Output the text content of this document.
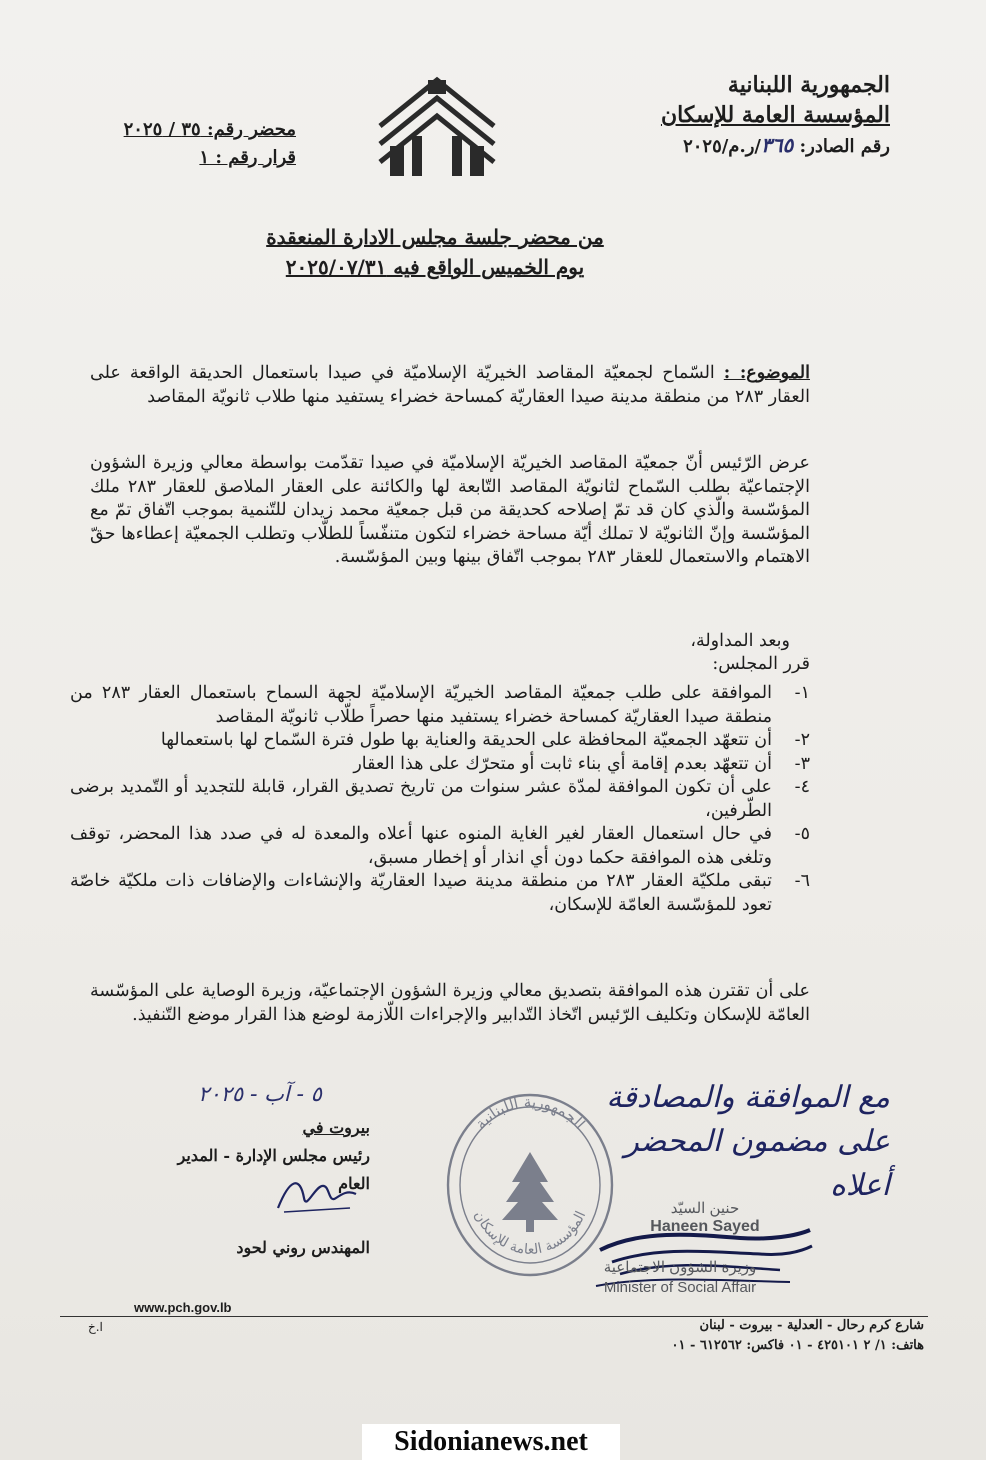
الجمهورية اللبنانية
المؤسسة العامة للإسكان
رقم الصادر: ٣٦٥/ر.م/٢٠٢٥
محضر رقم: ٣٥ / ٢٠٢٥
قرار رقم : ١
من محضر جلسة مجلس الادارة المنعقدة
يوم الخميس الواقع فيه ٢٠٢٥/٠٧/٣١
الموضوع: : السّماح لجمعيّة المقاصد الخيريّة الإسلاميّة في صيدا باستعمال الحديقة الواقعة على العقار ٢٨٣ من منطقة مدينة صيدا العقاريّة كمساحة خضراء يستفيد منها طلاب ثانويّة المقاصد
عرض الرّئيس أنّ جمعيّة المقاصد الخيريّة الإسلاميّة في صيدا تقدّمت بواسطة معالي وزيرة الشؤون الإجتماعيّة بطلب السّماح لثانويّة المقاصد التّابعة لها والكائنة على العقار الملاصق للعقار ٢٨٣ ملك المؤسّسة والّذي كان قد تمّ إصلاحه كحديقة من قبل جمعيّة محمد زيدان للتّنمية بموجب اتّفاق تمّ مع المؤسّسة وإنّ الثانويّة لا تملك أيّة مساحة خضراء لتكون متنفّساً للطلّاب وتطلب الجمعيّة إعطاءها حقّ الاهتمام والاستعمال للعقار ٢٨٣ بموجب اتّفاق بينها وبين المؤسّسة.
وبعد المداولة،
قرر المجلس:
١-
الموافقة على طلب جمعيّة المقاصد الخيريّة الإسلاميّة لجهة السماح باستعمال العقار ٢٨٣ من منطقة صيدا العقاريّة كمساحة خضراء يستفيد منها حصراً طلّاب ثانويّة المقاصد
٢-
أن تتعهّد الجمعيّة المحافظة على الحديقة والعناية بها طول فترة السّماح لها باستعمالها
٣-
أن تتعهّد بعدم إقامة أي بناء ثابت أو متحرّك على هذا العقار
٤-
على أن تكون الموافقة لمدّة عشر سنوات من تاريخ تصديق القرار، قابلة للتجديد أو التّمديد برضى الطّرفين،
٥-
في حال استعمال العقار لغير الغاية المنوه عنها أعلاه والمعدة له في صدد هذا المحضر، توقف وتلغى هذه الموافقة حكما دون أي انذار أو إخطار مسبق،
٦-
تبقى ملكيّة العقار ٢٨٣ من منطقة مدينة صيدا العقاريّة والإنشاءات والإضافات ذات ملكيّة خاصّة تعود للمؤسّسة العامّة للإسكان،
على أن تقترن هذه الموافقة بتصديق معالي وزيرة الشؤون الإجتماعيّة، وزيرة الوصاية على المؤسّسة العامّة للإسكان وتكليف الرّئيس اتّخاذ التّدابير والإجراءات اللّازمة لوضع هذا القرار موضع التّنفيذ.
٥ - آب - ٢٠٢٥
بيروت في
رئيس مجلس الإدارة - المدير العام
المهندس روني لحود
الجمهورية اللبنانية
المؤسسة العامة للإسكان
مع الموافقة والمصادقة
على مضمون المحضر أعلاه
حنين السيّد
Haneen Sayed
وزيرة الشؤون الاجتماعية
Minister of Social Affair
www.pch.gov.lb
ا.خ	شارع كرم رحال - العدلية - بيروت - لبنان
هاتف: ١/ ٢ ٤٢٥١٠١ - ٠١ فاكس: ٦١٢٥٦٢ - ٠١
Sidonianews.net
